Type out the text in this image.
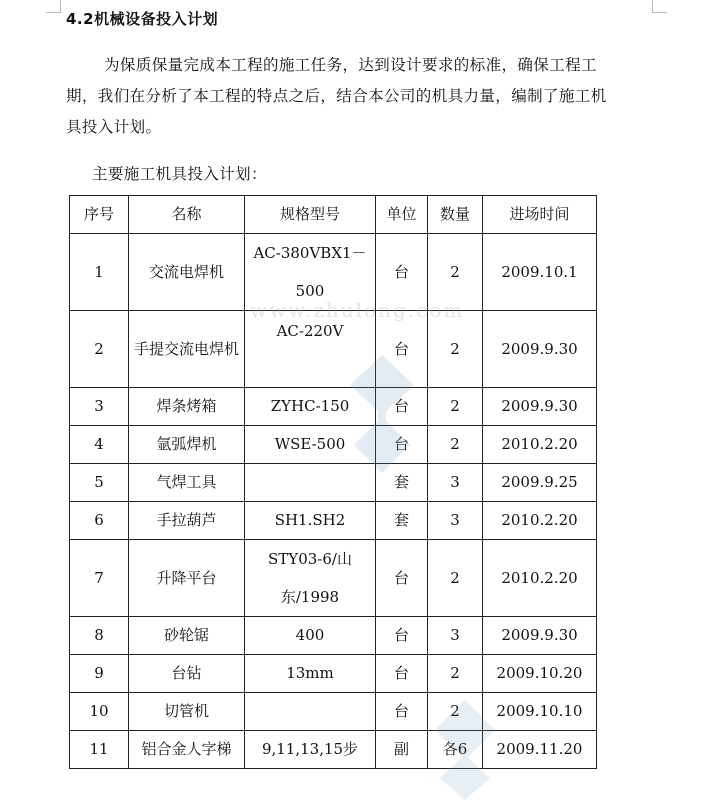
4.2机械设备投入计划
为保质保量完成本工程的施工任务，达到设计要求的标准，确保工程工期，我们在分析了本工程的特点之后，结合本公司的机具力量，编制了施工机具投入计划。
主要施工机具投入计划：
序号	名称	规格型号	单位	数量	进场时间
1	交流电焊机	AC-380VBX1－500	台	2	2009.10.1
2	手提交流电焊机	AC-220V	台	2	2009.9.30
3	焊条烤箱	ZYHC-150	台	2	2009.9.30
4	氩弧焊机	WSE-500	台	2	2010.2.20
5	气焊工具		套	3	2009.9.25
6	手拉葫芦	SH1.SH2	套	3	2010.2.20
7	升降平台	STY03-6/山东/1998	台	2	2010.2.20
8	砂轮锯	400	台	3	2009.9.30
9	台钻	13mm	台	2	2009.10.20
10	切管机		台	2	2009.10.10
11	铝合金人字梯	9,11,13,15步	副	各6	2009.11.20
www.zhulong.com
